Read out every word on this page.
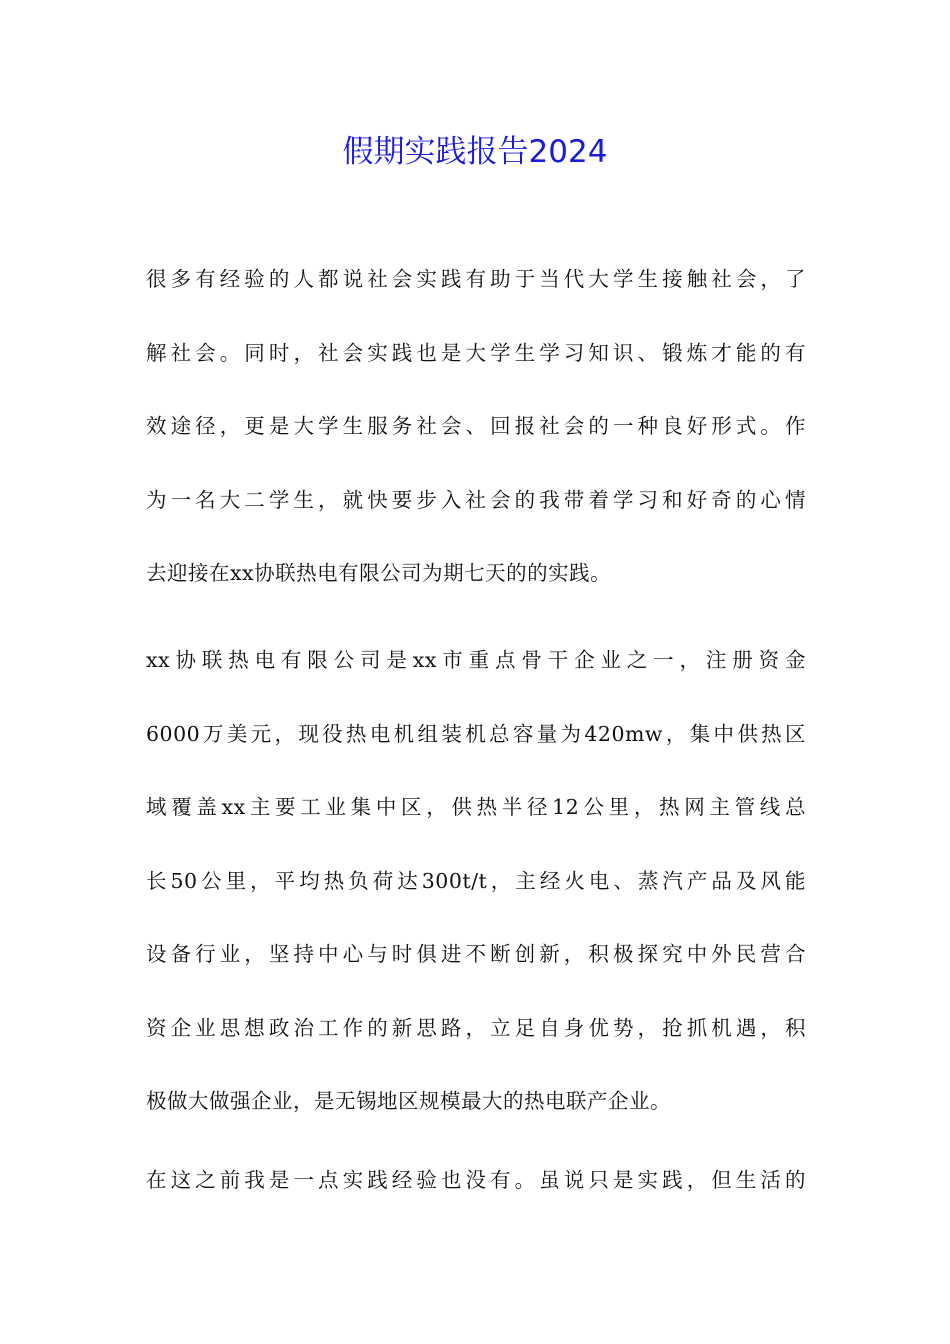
假期实践报告2024
很多有经验的人都说社会实践有助于当代大学生接触社会，了
解社会。同时，社会实践也是大学生学习知识、锻炼才能的有
效途径，更是大学生服务社会、回报社会的一种良好形式。作
为一名大二学生，就快要步入社会的我带着学习和好奇的心情
去迎接在xx协联热电有限公司为期七天的的实践。
xx协联热电有限公司是xx市重点骨干企业之一，注册资金
6000万美元，现役热电机组装机总容量为420mw，集中供热区
域覆盖xx主要工业集中区，供热半径12公里，热网主管线总
长50公里，平均热负荷达300t/t，主经火电、蒸汽产品及风能
设备行业，坚持中心与时俱进不断创新，积极探究中外民营合
资企业思想政治工作的新思路，立足自身优势，抢抓机遇，积
极做大做强企业，是无锡地区规模最大的热电联产企业。
在这之前我是一点实践经验也没有。虽说只是实践，但生活的
